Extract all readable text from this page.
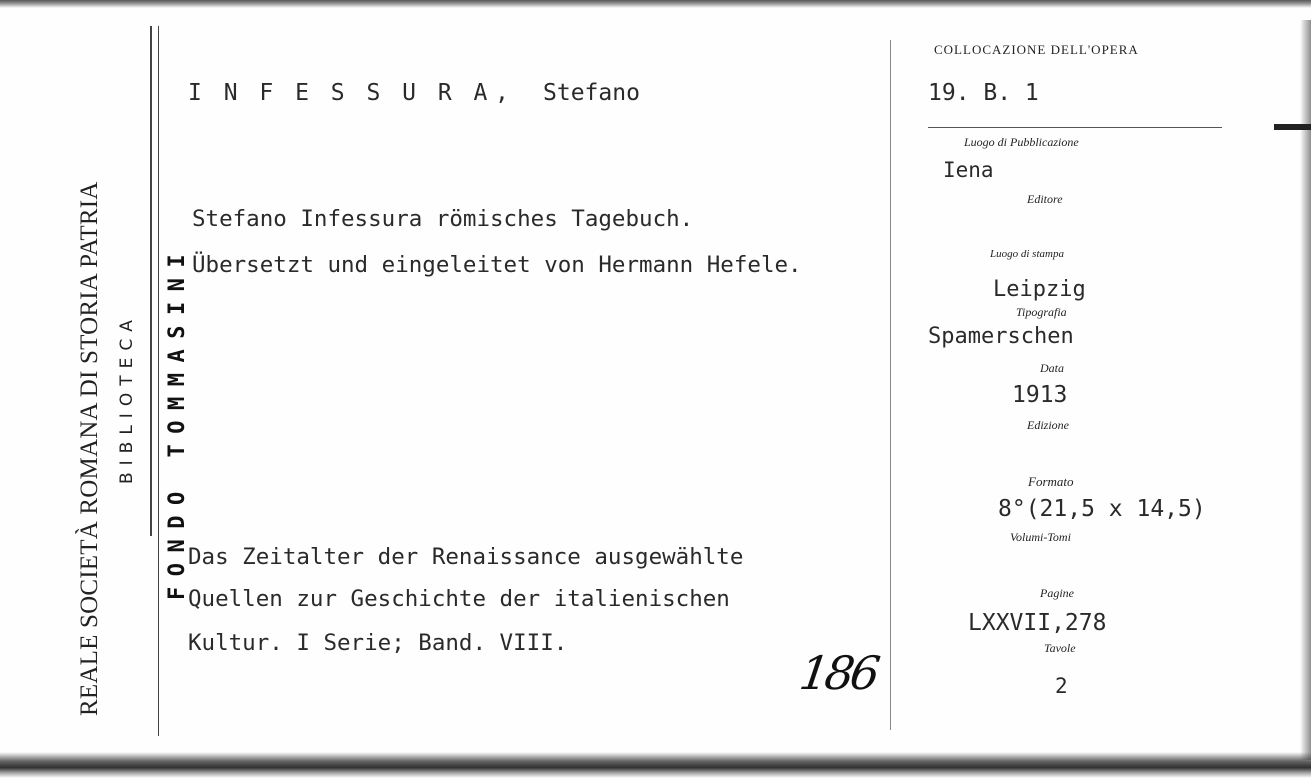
REALE SOCIETÀ ROMANA DI STORIA PATRIA BIBLIOTECA FONDO TOMMASINI
I N F E S S U R A , Stefano
Stefano Infessura römisches Tagebuch.
Übersetzt und eingeleitet von Hermann Hefele.
Das Zeitalter der Renaissance ausgewählte
Quellen zur Geschichte der italienischen
Kultur. I Serie; Band. VIII.
186
COLLOCAZIONE DELL'OPERA
19. B. 1
Luogo di Pubblicazione
Iena
Editore
Luogo di stampa
Leipzig
Tipografia
Spamerschen
Data
1913
Edizione
Formato
8°(21,5 x 14,5)
Volumi-Tomi
Pagine
LXXVII,278
Tavole
2
